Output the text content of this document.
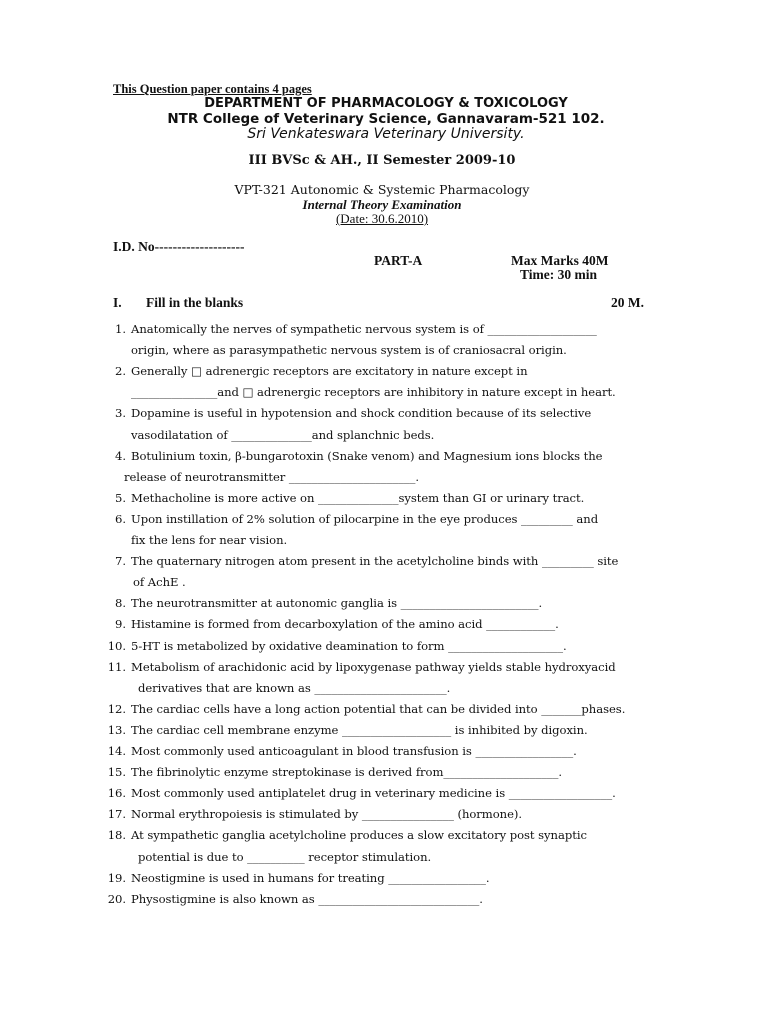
This Question paper contains 4 pages
DEPARTMENT OF PHARMACOLOGY & TOXICOLOGY
NTR College of Veterinary Science, Gannavaram-521 102.
Sri Venkateswara Veterinary University.
III BVSc & AH., II Semester 2009-10
VPT-321 Autonomic & Systemic Pharmacology
Internal Theory Examination
(Date: 30.6.2010)
I.D. No--------------------
PART-A	Max Marks 40M
Time: 30 min
I. Fill in the blanks	20 M.
1. Anatomically the nerves of sympathetic nervous system is of ___________________
origin, where as parasympathetic nervous system is of craniosacral origin.
2. Generally □ adrenergic receptors are excitatory in nature except in
_______________and □ adrenergic receptors are inhibitory in nature except in heart.
3. Dopamine is useful in hypotension and shock condition because of its selective
vasodilatation of ______________and splanchnic beds.
4. Botulinium toxin, β-bungarotoxin (Snake venom) and Magnesium ions blocks the
release of neurotransmitter ______________________.
5. Methacholine is more active on ______________system than GI or urinary tract.
6. Upon instillation of 2% solution of pilocarpine in the eye produces _________ and
fix the lens for near vision.
7. The quaternary nitrogen atom present in the acetylcholine binds with _________ site
of AchE .
8. The neurotransmitter at autonomic ganglia is ________________________.
9. Histamine is formed from decarboxylation of the amino acid ____________.
10. 5-HT is metabolized by oxidative deamination to form ____________________.
11. Metabolism of arachidonic acid by lipoxygenase pathway yields stable hydroxyacid
derivatives that are known as _______________________.
12. The cardiac cells have a long action potential that can be divided into _______phases.
13. The cardiac cell membrane enzyme ___________________ is inhibited by digoxin.
14. Most commonly used anticoagulant in blood transfusion is _________________.
15. The fibrinolytic enzyme streptokinase is derived from____________________.
16. Most commonly used antiplatelet drug in veterinary medicine is __________________.
17. Normal erythropoiesis is stimulated by ________________ (hormone).
18. At sympathetic ganglia acetylcholine produces a slow excitatory post synaptic
potential is due to __________ receptor stimulation.
19. Neostigmine is used in humans for treating _________________.
20. Physostigmine is also known as ____________________________.
